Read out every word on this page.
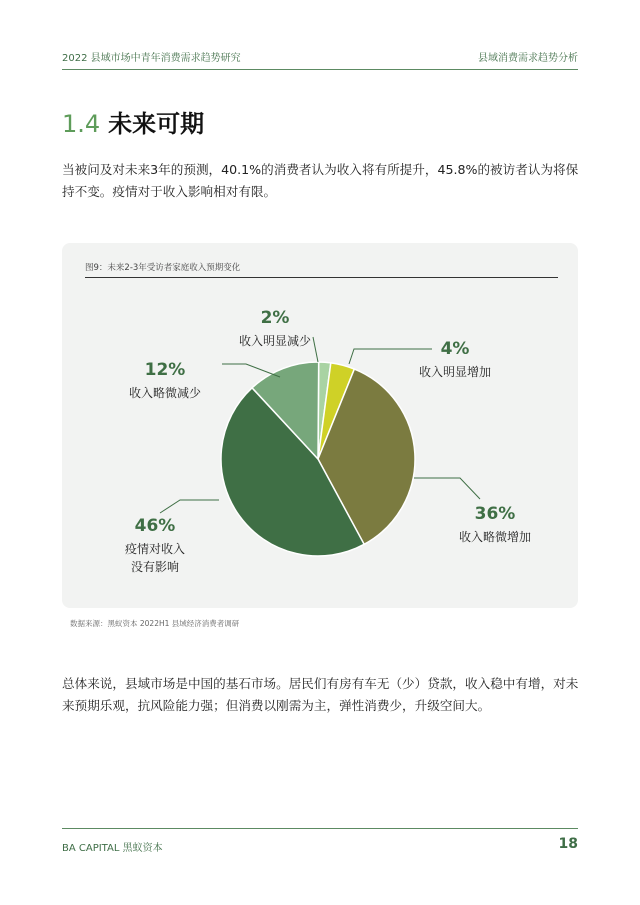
2022 县域市场中青年消费需求趋势研究	县域消费需求趋势分析
1.4 未来可期

当被问及对未来3年的预测，40.1%的消费者认为收入将有所提升，45.8%的被访者认为将保持不变。疫情对于收入影响相对有限。

图9：未来2-3年受访者家庭收入预期变化
2%
收入明显减少	4%
收入明显增加
36%
收入略微增加
46%
疫情对收入
没有影响
12%
收入略微减少
数据来源：黑蚁资本 2022H1 县域经济消费者调研

总体来说，县域市场是中国的基石市场。居民们有房有车无（少）贷款，收入稳中有增，对未来预期乐观，抗风险能力强；但消费以刚需为主，弹性消费少，升级空间大。

BA CAPITAL 黑蚁资本	18
